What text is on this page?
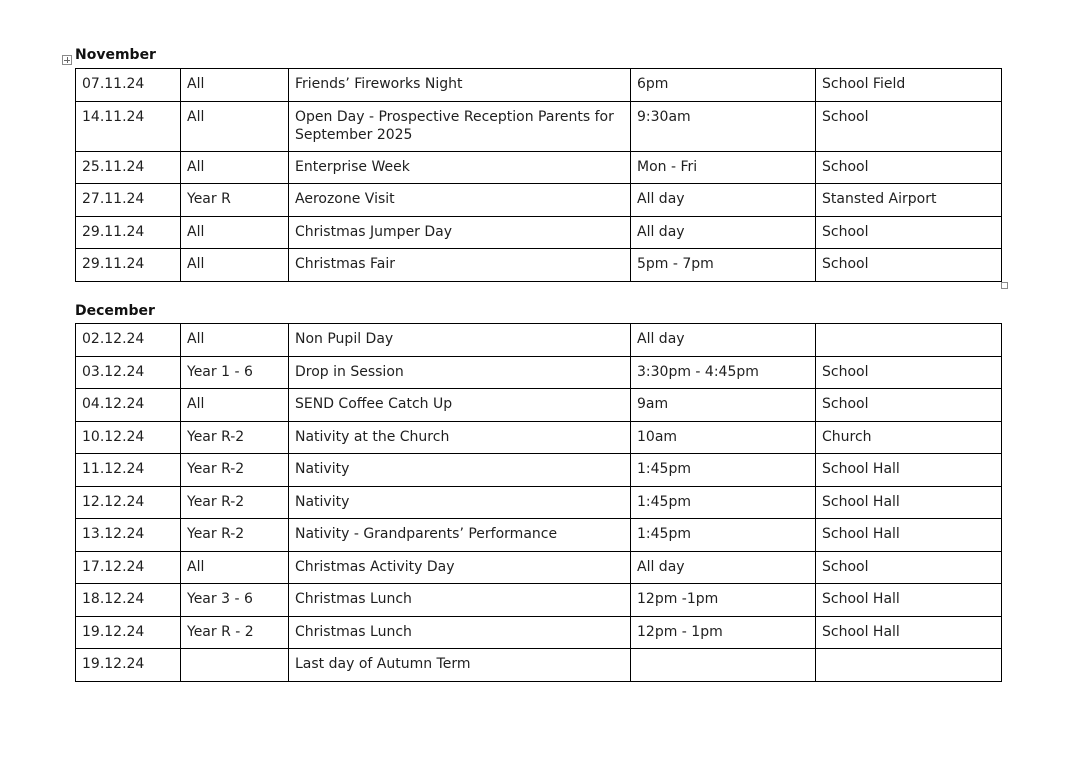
November
07.11.24	All	Friends’ Fireworks Night	6pm	School Field
14.11.24	All	Open Day - Prospective Reception Parents for September 2025	9:30am	School
25.11.24	All	Enterprise Week	Mon - Fri	School
27.11.24	Year R	Aerozone Visit	All day	Stansted Airport
29.11.24	All	Christmas Jumper Day	All day	School
29.11.24	All	Christmas Fair	5pm - 7pm	School
December
02.12.24	All	Non Pupil Day	All day	
03.12.24	Year 1 - 6	Drop in Session	3:30pm - 4:45pm	School
04.12.24	All	SEND Coffee Catch Up	9am	School
10.12.24	Year R-2	Nativity at the Church	10am	Church
11.12.24	Year R-2	Nativity	1:45pm	School Hall
12.12.24	Year R-2	Nativity	1:45pm	School Hall
13.12.24	Year R-2	Nativity - Grandparents’ Performance	1:45pm	School Hall
17.12.24	All	Christmas Activity Day	All day	School
18.12.24	Year 3 - 6	Christmas Lunch	12pm -1pm	School Hall
19.12.24	Year R - 2	Christmas Lunch	12pm - 1pm	School Hall
19.12.24		Last day of Autumn Term		
